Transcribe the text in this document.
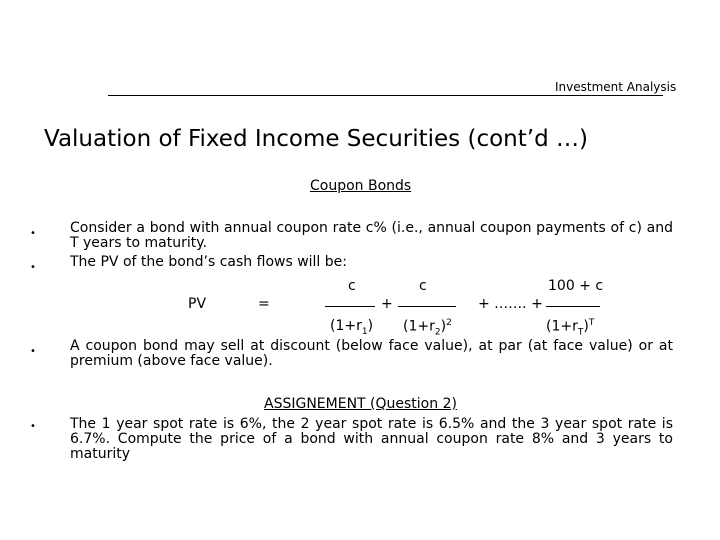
Investment Analysis
Valuation of Fixed Income Securities (cont’d …)
Coupon Bonds
• Consider a bond with annual coupon rate c% (i.e., annual coupon payments of c) and T years to maturity.
• The PV of the bond’s cash flows will be:
c	c	100 + c
PV	=	+	+ ……. +
$(1+r_1)$ $(1+r_2)^2$	$(1+r_T)^T$
• A coupon bond may sell at discount (below face value), at par (at face value) or at premium (above face value).
ASSIGNEMENT (Question 2)
• The 1 year spot rate is 6%, the 2 year spot rate is 6.5% and the 3 year spot rate is 6.7%. Compute the price of a bond with annual coupon rate 8% and 3 years to maturity
